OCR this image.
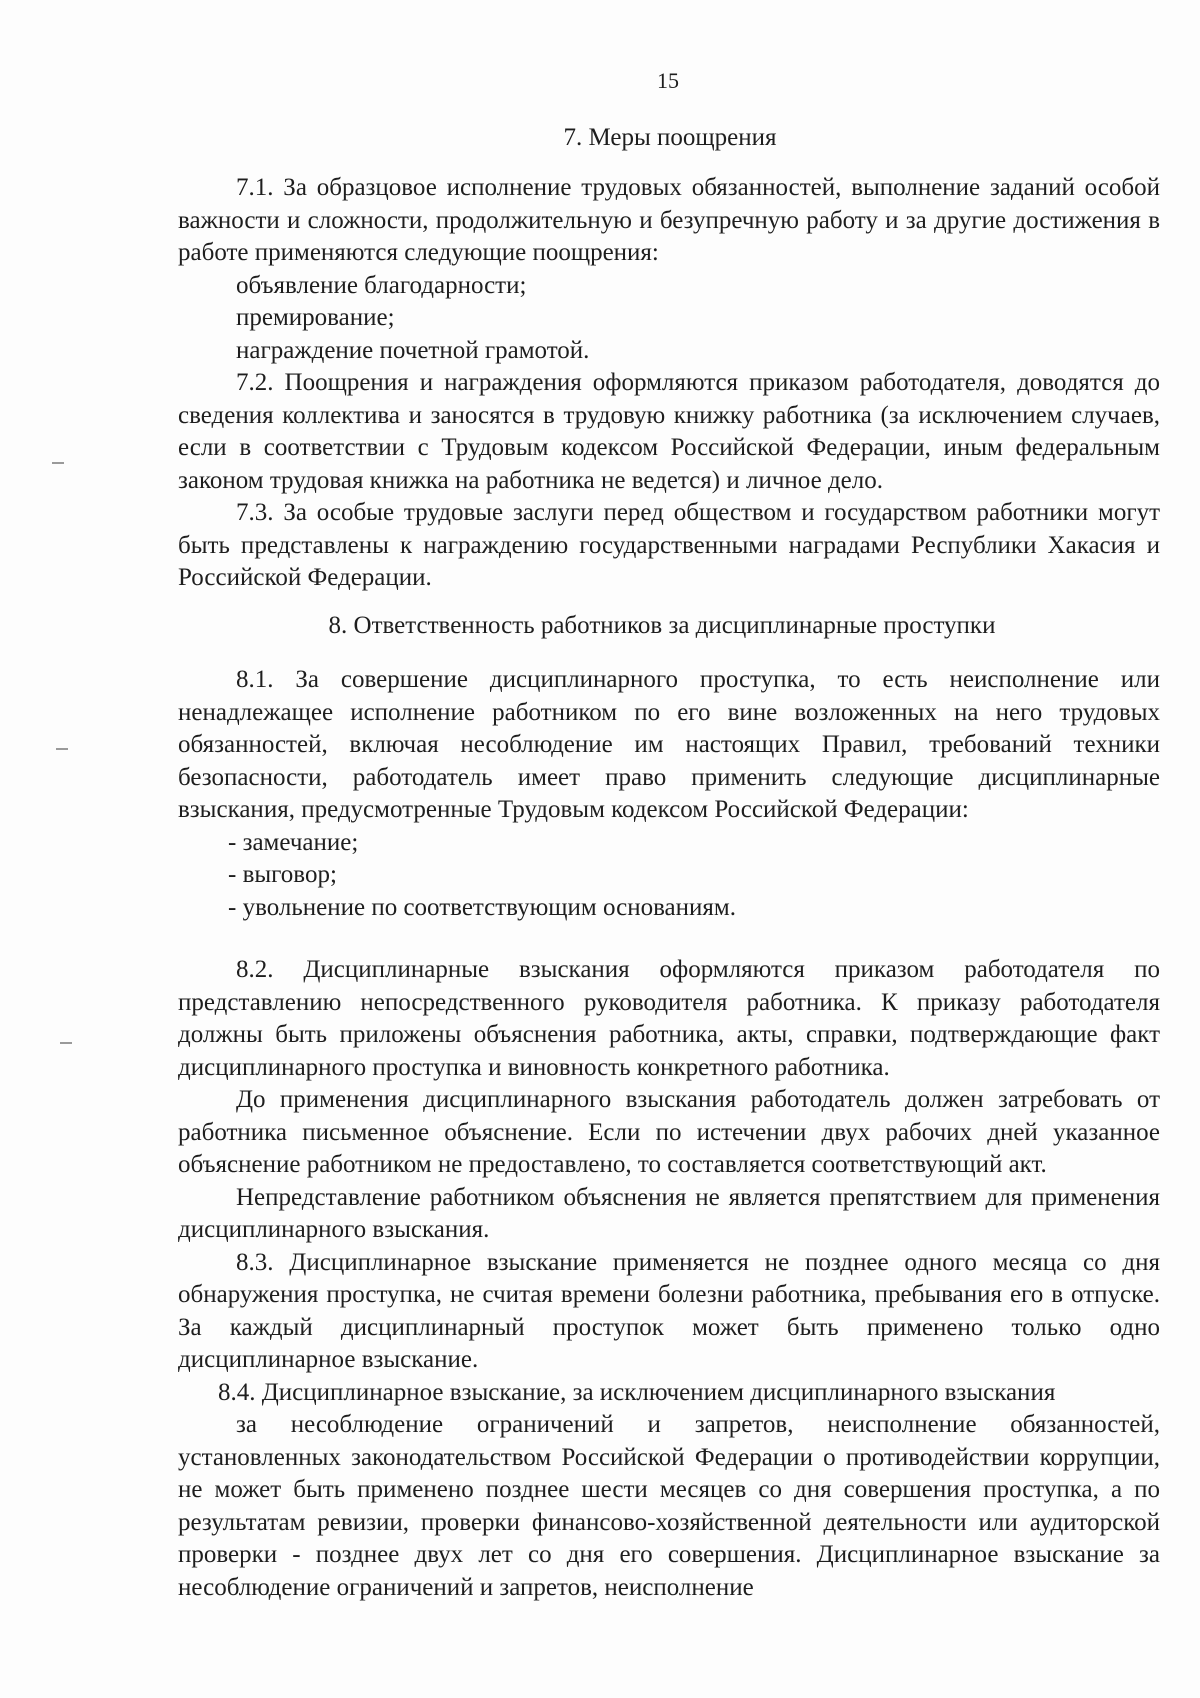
15
7. Меры поощрения

7.1. За образцовое исполнение трудовых обязанностей, выполнение заданий особой важности и сложности, продолжительную и безупречную работу и за другие достижения в работе применяются следующие поощрения:

объявление благодарности;

премирование;

награждение почетной грамотой.

7.2. Поощрения и награждения оформляются приказом работодателя, доводятся до сведения коллектива и заносятся в трудовую книжку работника (за исключением случаев, если в соответствии с Трудовым кодексом Российской Федерации, иным федеральным законом трудовая книжка на работника не ведется) и личное дело.

7.3. За особые трудовые заслуги перед обществом и государством работники могут быть представлены к награждению государственными наградами Республики Хакасия и Российской Федерации.

8. Ответственность работников за дисциплинарные проступки

8.1. За совершение дисциплинарного проступка, то есть неисполнение или ненадлежащее исполнение работником по его вине возложенных на него трудовых обязанностей, включая несоблюдение им настоящих Правил, требований техники безопасности, работодатель имеет право применить следующие дисциплинарные взыскания, предусмотренные Трудовым кодексом Российской Федерации:

- замечание;

- выговор;

- увольнение по соответствующим основаниям.

8.2. Дисциплинарные взыскания оформляются приказом работодателя по представлению непосредственного руководителя работника. К приказу работодателя должны быть приложены объяснения работника, акты, справки, подтверждающие факт дисциплинарного проступка и виновность конкретного работника.

До применения дисциплинарного взыскания работодатель должен затребовать от работника письменное объяснение. Если по истечении двух рабочих дней указанное объяснение работником не предоставлено, то составляется соответствующий акт.

Непредставление работником объяснения не является препятствием для применения дисциплинарного взыскания.

8.3. Дисциплинарное взыскание применяется не позднее одного месяца со дня обнаружения проступка, не считая времени болезни работника, пребывания его в отпуске. За каждый дисциплинарный проступок может быть применено только одно дисциплинарное взыскание.

8.4. Дисциплинарное взыскание, за исключением дисциплинарного взыскания

за несоблюдение ограничений и запретов, неисполнение обязанностей, установленных законодательством Российской Федерации о противодействии коррупции, не может быть применено позднее шести месяцев со дня совершения проступка, а по результатам ревизии, проверки финансово-хозяйственной деятельности или аудиторской проверки - позднее двух лет со дня его совершения. Дисциплинарное взыскание за несоблюдение ограничений и запретов, неисполнение
